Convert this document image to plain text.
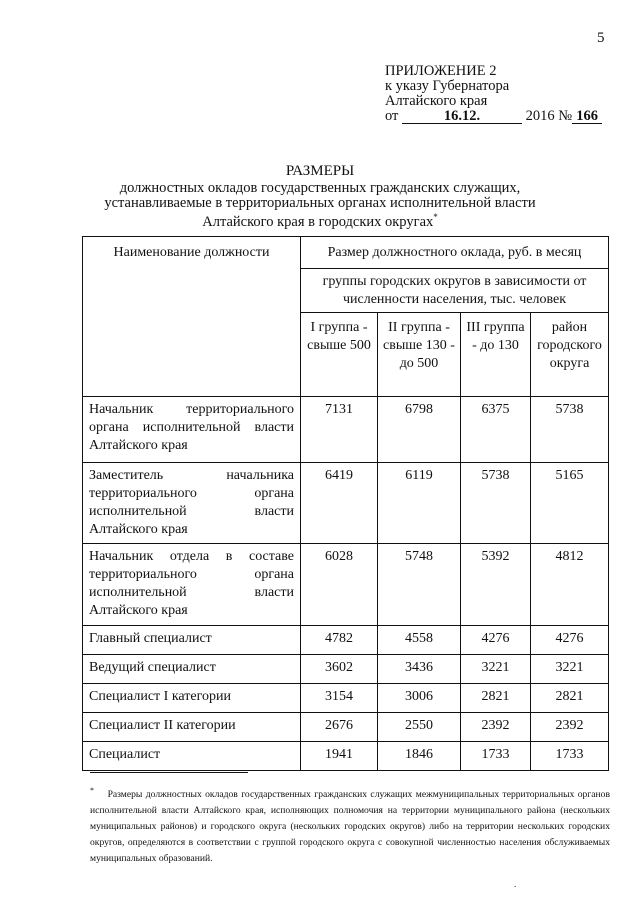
5
ПРИЛОЖЕНИЕ 2
к указу Губернатора
Алтайского края
от	16.12.	2016 № 166
РАЗМЕРЫ
должностных окладов государственных гражданских служащих, устанавливаемые в территориальных органах исполнительной власти Алтайского края в городских округах*
Наименование должности	Размер должностного оклада, руб. в месяц			
	группы городских округов в зависимости от численности населения, тыс. человек			
	I группа - свыше 500	II группа - свыше 130 - до 500	III группа - до 130	район городского округа
Начальник территориального органа исполнительной власти Алтайского края	7131	6798	6375	5738
Заместитель начальника территориального органа исполнительной власти Алтайского края	6419	6119	5738	5165
Начальник отдела в составе территориального органа исполнительной власти Алтайского края	6028	5748	5392	4812
Главный специалист	4782	4558	4276	4276
Ведущий специалист	3602	3436	3221	3221
Специалист I категории	3154	3006	2821	2821
Специалист II категории	2676	2550	2392	2392
Специалист	1941	1846	1733	1733
* Размеры должностных окладов государственных гражданских служащих межмуниципальных территориальных органов исполнительной власти Алтайского края, исполняющих полномочия на территории муниципального района (нескольких муниципальных районов) и городского округа (нескольких городских округов) либо на территории нескольких городских округов, определяются в соответствии с группой городского округа с совокупной численностью населения обслуживаемых муниципальных образований.
.
